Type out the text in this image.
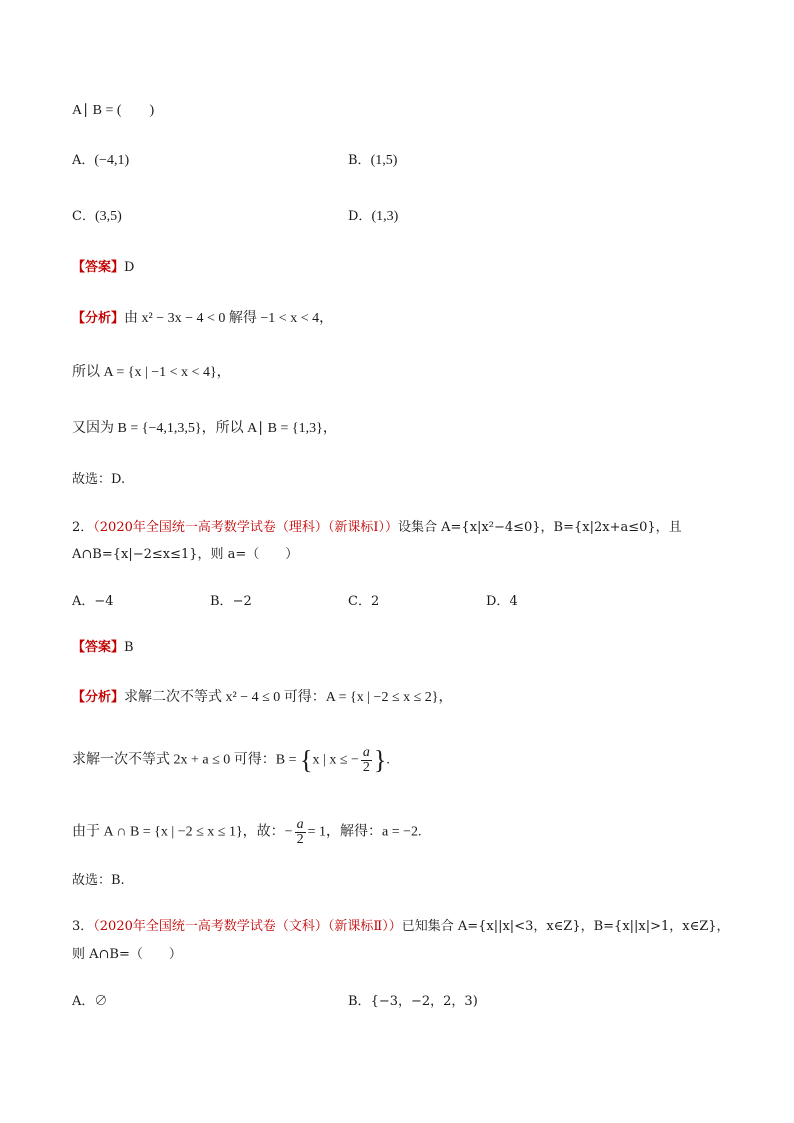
A∣ B = (　　)
A．(−4,1)	B．(1,5)
C．(3,5)	D．(1,3)
【答案】D
【分析】由 x² − 3x − 4 < 0 解得 −1 < x < 4，
所以 A = {x | −1 < x < 4}，
又因为 B = {−4,1,3,5}，所以 A∣ B = {1,3}，
故选：D.
2．（2020年全国统一高考数学试卷（理科）（新课标Ⅰ））设集合 A={x|x²−4≤0}，B={x|2x+a≤0}，且
A∩B={x|−2≤x≤1}，则 a=（　　）
A．−4	B．−2	C．2	D．4
【答案】B
【分析】求解二次不等式 x² − 4 ≤ 0 可得：A = {x | −2 ≤ x ≤ 2}，
求解一次不等式 2x + a ≤ 0 可得：B = {x | x ≤ − $\frac{a}{2}$ }.
由于 A ∩ B = {x | −2 ≤ x ≤ 1}，故：− $\frac{a}{2} = 1$，解得：a = −2.
故选：B.
3．（2020年全国统一高考数学试卷（文科）（新课标Ⅱ））已知集合 A={x||x|<3，x∈Z}，B={x||x|>1，x∈Z}，
则 A∩B=（　　）
A．∅	B．{−3，−2，2，3)
